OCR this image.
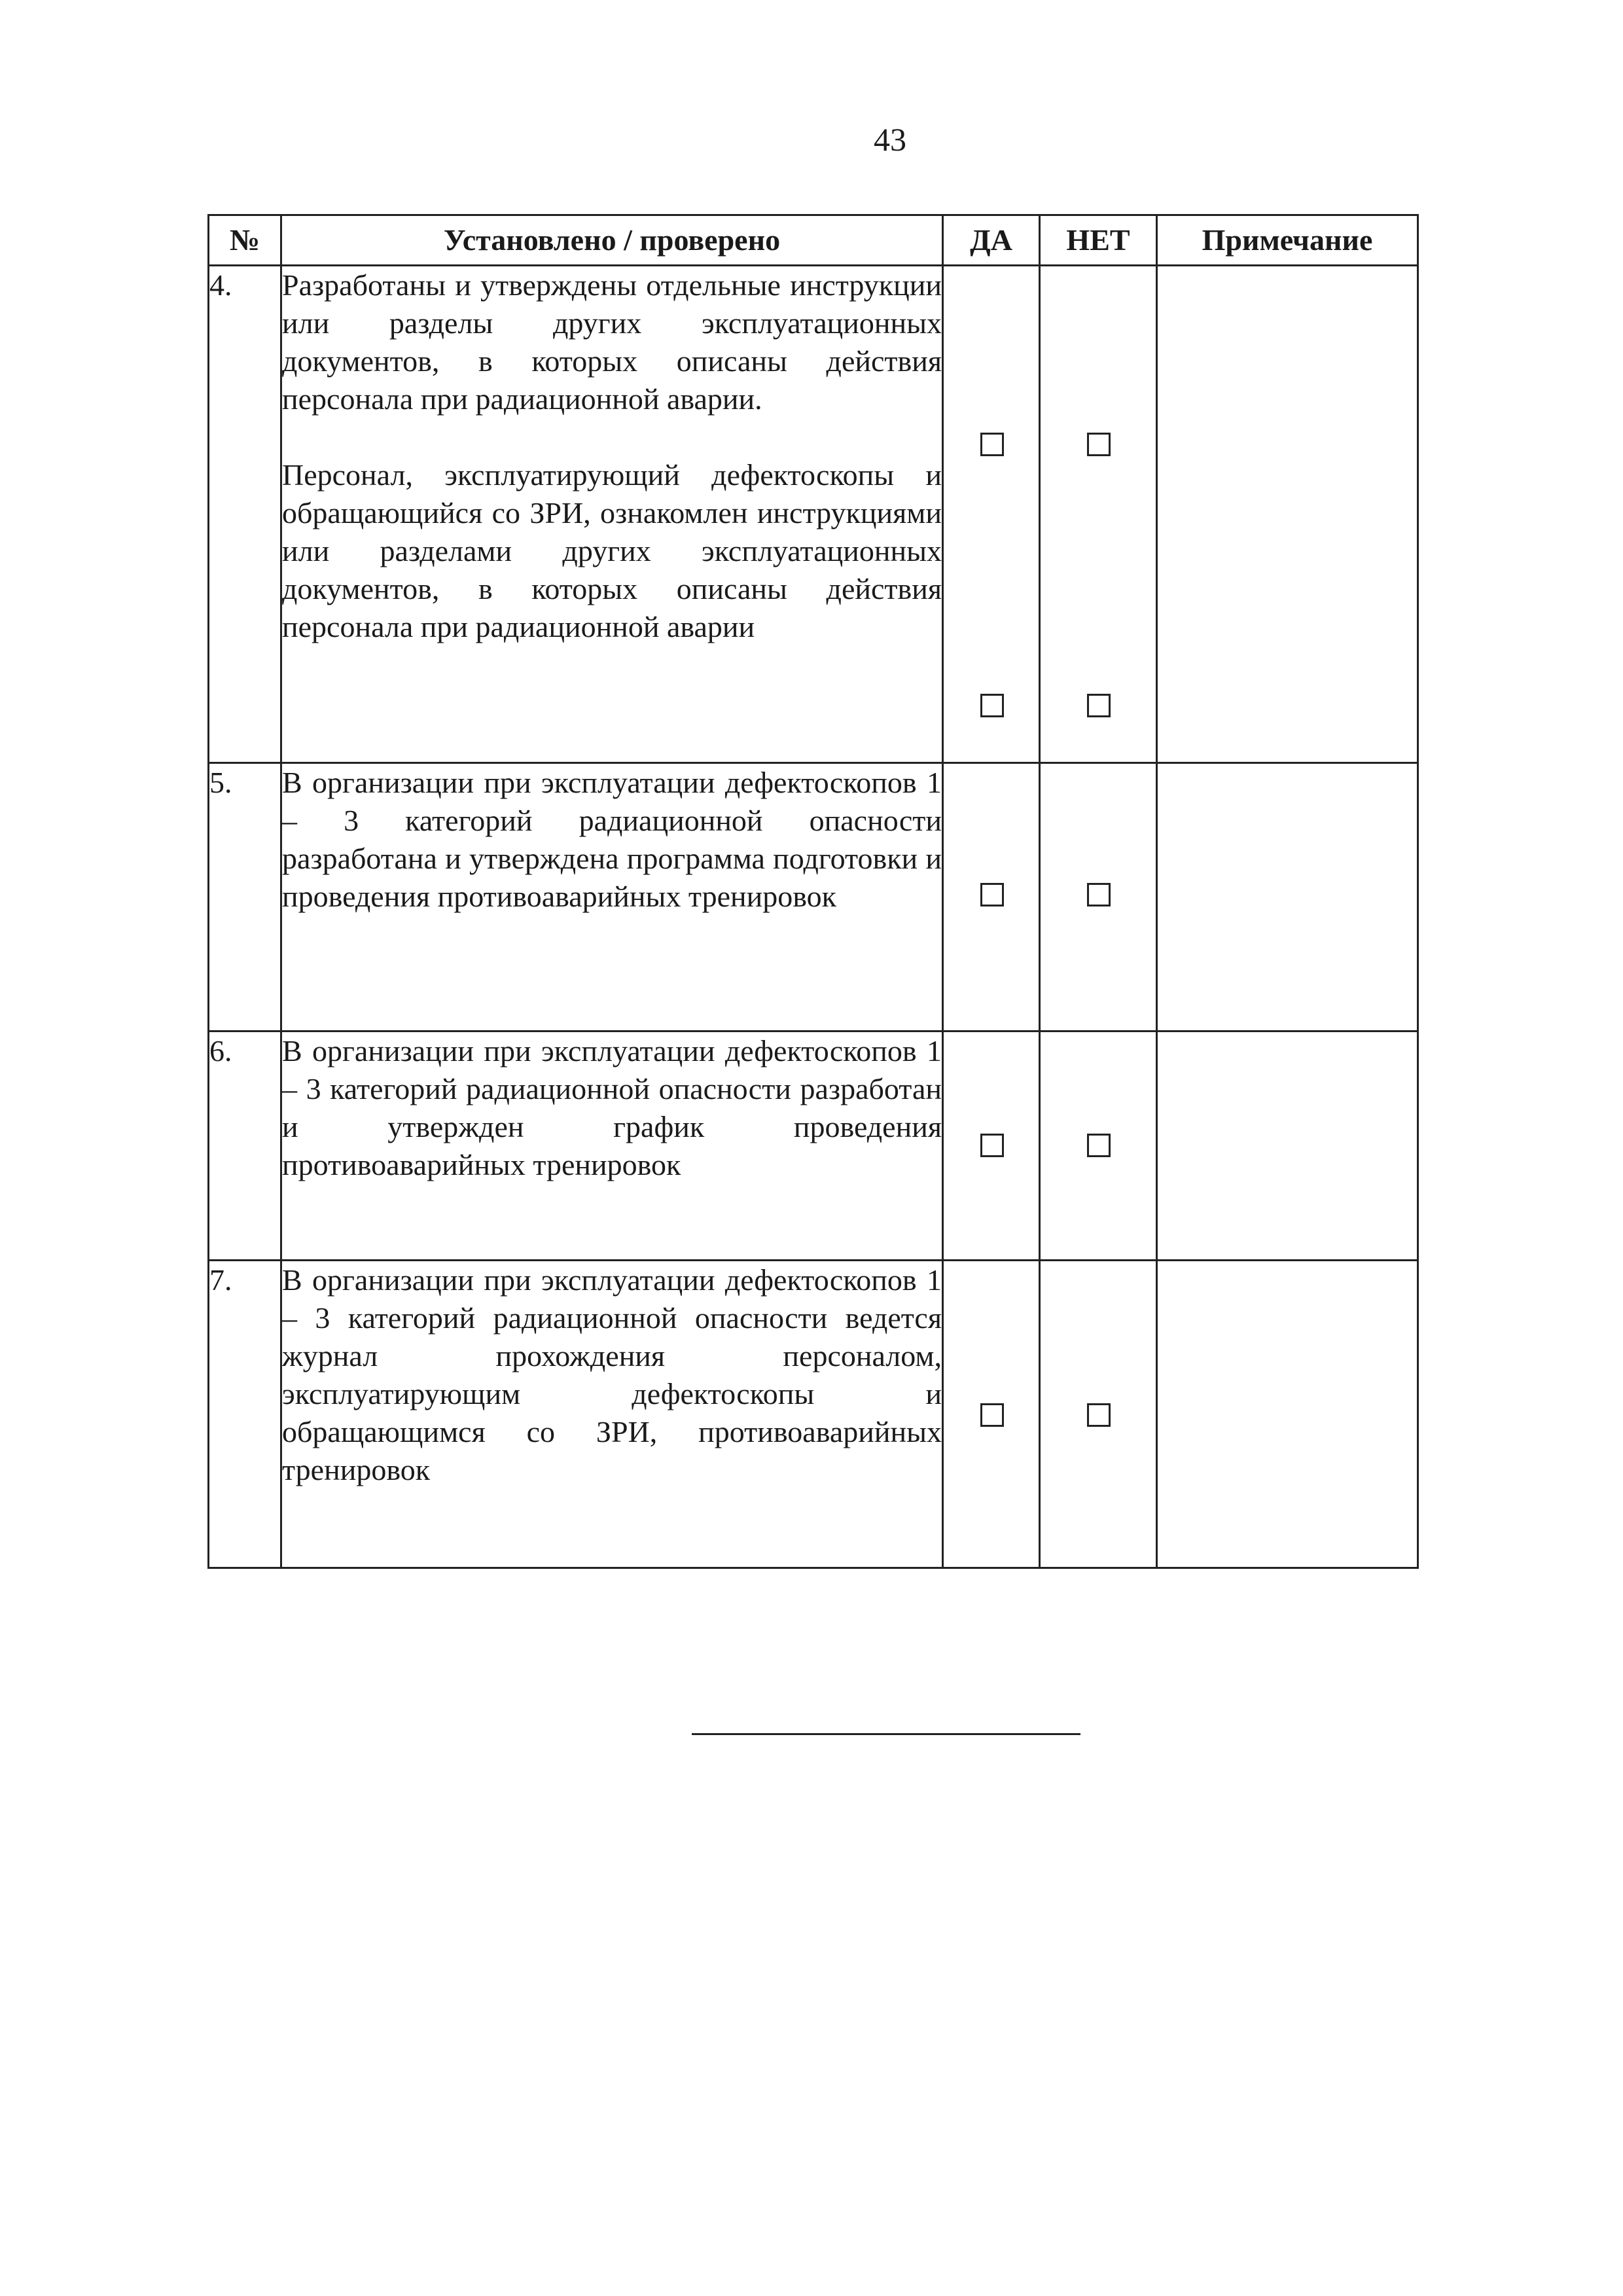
43
№	Установлено / проверено	ДА	НЕТ	Примечание
4.	Разработаны и утверждены отдельные инструкции или разделы других эксплуатационных документов, в которых описаны действия персонала при радиационной аварии.
Персонал, эксплуатирующий дефектоскопы и обращающийся со ЗРИ, ознакомлен инструкциями или разделами других эксплуатационных документов, в которых описаны действия персонала при радиационной аварии			

5.	В организации при эксплуатации дефектоскопов 1 – 3 категорий радиационной опасности разработана и утверждена программа подготовки и проведения противоаварийных тренировок			

6.	В организации при эксплуатации дефектоскопов 1 – 3 категорий радиационной опасности разработан и утвержден график проведения противоаварийных тренировок			

7.	В организации при эксплуатации дефектоскопов 1 – 3 категорий радиационной опасности ведется журнал прохождения персоналом, эксплуатирующим дефектоскопы и обращающимся со ЗРИ, противоаварийных тренировок			
